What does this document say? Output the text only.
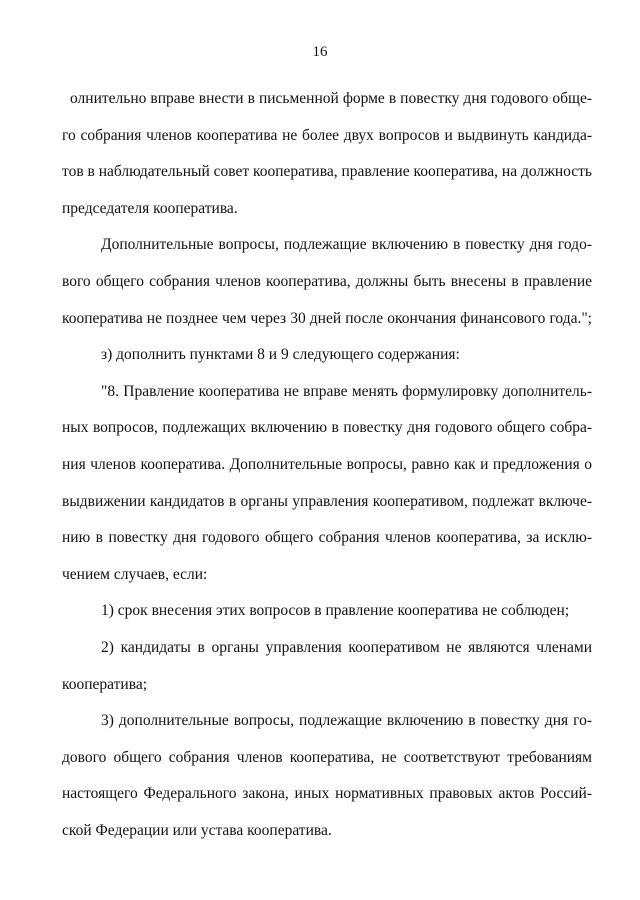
16
олнительно вправе внести в письменной форме в повестку дня годового обще-
го собрания членов кооператива не более двух вопросов и выдвинуть кандида-
тов в наблюдательный совет кооператива, правление кооператива, на должность
председателя кооператива.
Дополнительные вопросы, подлежащие включению в повестку дня годо-
вого общего собрания членов кооператива, должны быть внесены в правление
кооператива не позднее чем через 30 дней после окончания финансового года.";
з) дополнить пунктами 8 и 9 следующего содержания:
"8. Правление кооператива не вправе менять формулировку дополнитель-
ных вопросов, подлежащих включению в повестку дня годового общего собра-
ния членов кооператива. Дополнительные вопросы, равно как и предложения о
выдвижении кандидатов в органы управления кооперативом, подлежат включе-
нию в повестку дня годового общего собрания членов кооператива, за исклю-
чением случаев, если:
1) срок внесения этих вопросов в правление кооператива не соблюден;
2) кандидаты в органы управления кооперативом не являются членами
кооператива;
3) дополнительные вопросы, подлежащие включению в повестку дня го-
дового общего собрания членов кооператива, не соответствуют требованиям
настоящего Федерального закона, иных нормативных правовых актов Россий-
ской Федерации или устава кооператива.
